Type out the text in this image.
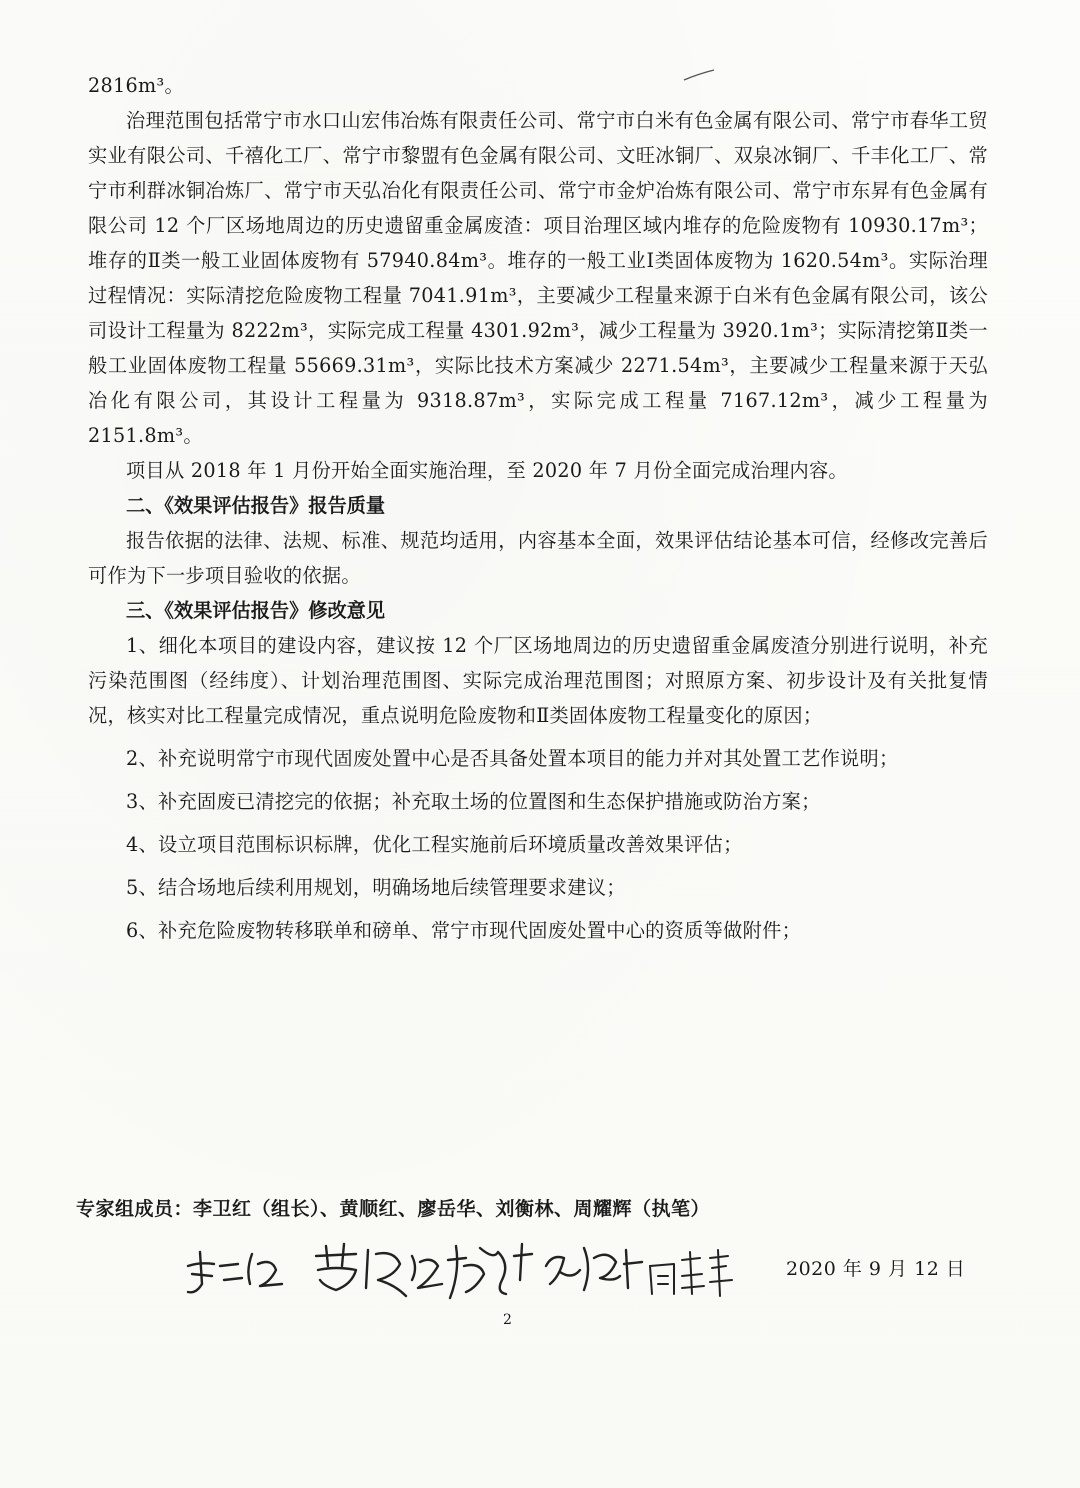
2816m³。

治理范围包括常宁市水口山宏伟冶炼有限责任公司、常宁市白米有色金属有限公司、常宁市春华工贸实业有限公司、千禧化工厂、常宁市黎盟有色金属有限公司、文旺冰铜厂、双泉冰铜厂、千丰化工厂、常宁市利群冰铜冶炼厂、常宁市天弘冶化有限责任公司、常宁市金炉冶炼有限公司、常宁市东昇有色金属有限公司 12 个厂区场地周边的历史遗留重金属废渣：项目治理区域内堆存的危险废物有 10930.17m³；堆存的Ⅱ类一般工业固体废物有 57940.84m³。堆存的一般工业Ⅰ类固体废物为 1620.54m³。实际治理过程情况：实际清挖危险废物工程量 7041.91m³，主要减少工程量来源于白米有色金属有限公司，该公司设计工程量为 8222m³，实际完成工程量 4301.92m³，减少工程量为 3920.1m³；实际清挖第Ⅱ类一般工业固体废物工程量 55669.31m³，实际比技术方案减少 2271.54m³，主要减少工程量来源于天弘冶化有限公司，其设计工程量为 9318.87m³，实际完成工程量 7167.12m³，减少工程量为 2151.8m³。

项目从 2018 年 1 月份开始全面实施治理，至 2020 年 7 月份全面完成治理内容。

二、《效果评估报告》报告质量

报告依据的法律、法规、标准、规范均适用，内容基本全面，效果评估结论基本可信，经修改完善后可作为下一步项目验收的依据。

三、《效果评估报告》修改意见

1、细化本项目的建设内容，建议按 12 个厂区场地周边的历史遗留重金属废渣分别进行说明，补充污染范围图（经纬度）、计划治理范围图、实际完成治理范围图；对照原方案、初步设计及有关批复情况，核实对比工程量完成情况，重点说明危险废物和Ⅱ类固体废物工程量变化的原因；

2、补充说明常宁市现代固废处置中心是否具备处置本项目的能力并对其处置工艺作说明；

3、补充固废已清挖完的依据；补充取土场的位置图和生态保护措施或防治方案；

4、设立项目范围标识标牌，优化工程实施前后环境质量改善效果评估；

5、结合场地后续利用规划，明确场地后续管理要求建议；

6、补充危险废物转移联单和磅单、常宁市现代固废处置中心的资质等做附件；

专家组成员：李卫红（组长）、黄顺红、廖岳华、刘衡林、周耀辉（执笔）
2020 年 9 月 12 日
2
